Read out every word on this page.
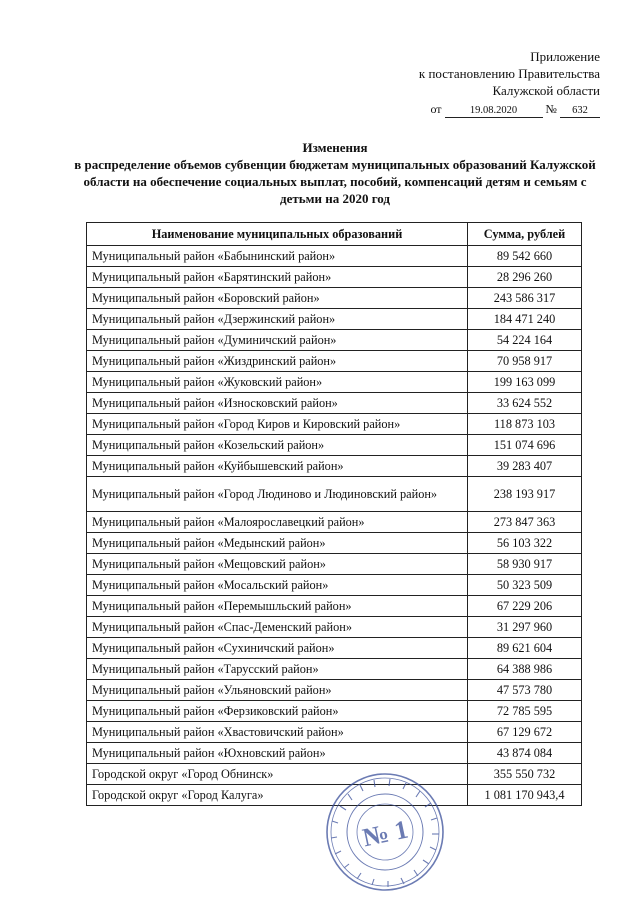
Приложение
к постановлению Правительства
Калужской области
от	19.08.2020 № 632
Изменения
в распределение объемов субвенции бюджетам муниципальных образований Калужской области на обеспечение социальных выплат, пособий, компенсаций детям и семьям с детьми на 2020 год
Наименование муниципальных образований	Сумма, рублей
Муниципальный район «Бабынинский район»	89 542 660
Муниципальный район «Барятинский район»	28 296 260
Муниципальный район «Боровский район»	243 586 317
Муниципальный район «Дзержинский район»	184 471 240
Муниципальный район «Думиничский район»	54 224 164
Муниципальный район «Жиздринский район»	70 958 917
Муниципальный район «Жуковский район»	199 163 099
Муниципальный район «Износковский район»	33 624 552
Муниципальный район «Город Киров и Кировский район»	118 873 103
Муниципальный район «Козельский район»	151 074 696
Муниципальный район «Куйбышевский район»	39 283 407
Муниципальный район «Город Людиново и Людиновский район»	238 193 917
Муниципальный район «Малоярославецкий район»	273 847 363
Муниципальный район «Медынский район»	56 103 322
Муниципальный район «Мещовский район»	58 930 917
Муниципальный район «Мосальский район»	50 323 509
Муниципальный район «Перемышльский район»	67 229 206
Муниципальный район «Спас-Деменский район»	31 297 960
Муниципальный район «Сухиничский район»	89 621 604
Муниципальный район «Тарусский район»	64 388 986
Муниципальный район «Ульяновский район»	47 573 780
Муниципальный район «Ферзиковский район»	72 785 595
Муниципальный район «Хвастовичский район»	67 129 672
Муниципальный район «Юхновский район»	43 874 084
Городской округ «Город Обнинск»	355 550 732
Городской округ «Город Калуга»	1 081 170 943,4
№ 1
